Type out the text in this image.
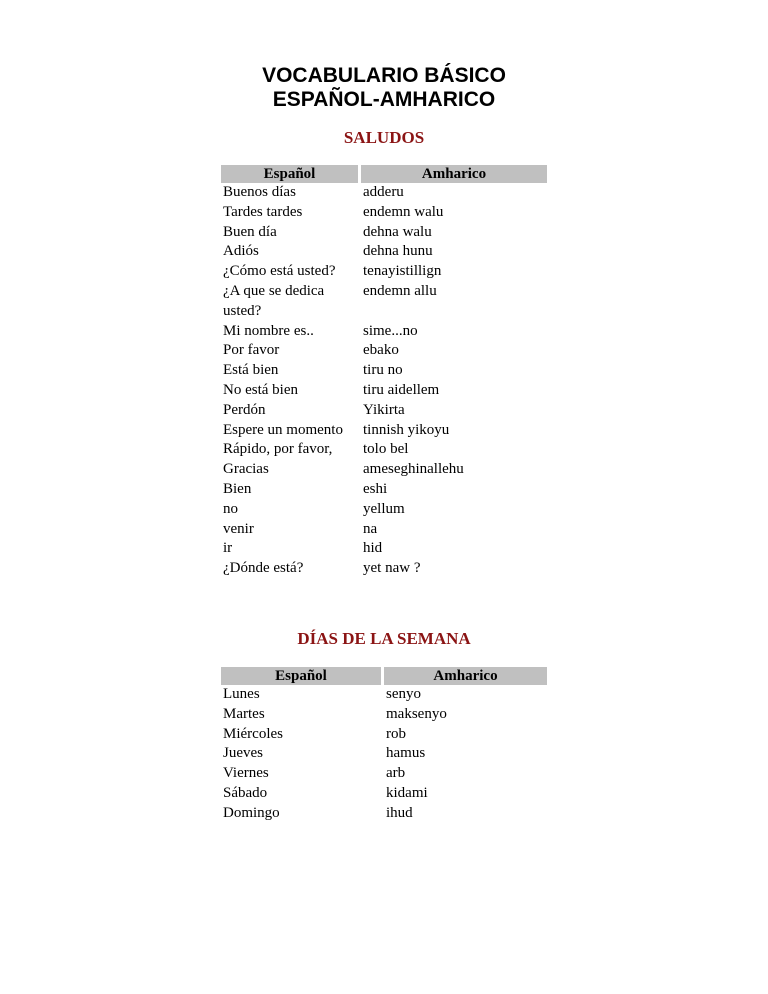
VOCABULARIO BÁSICO
ESPAÑOL-AMHARICO
SALUDOS
Español	Amharico
Buenos días	adderu
Tardes tardes	endemn walu
Buen día	dehna walu
Adiós	dehna hunu
¿Cómo está usted?	tenayistillign
¿A que se dedica usted?	endemn allu
Mi nombre es..	sime...no
Por favor	ebako
Está bien	tiru no
No está bien	tiru aidellem
Perdón	Yikirta
Espere un momento	tinnish yikoyu
Rápido, por favor,	tolo bel
Gracias	ameseghinallehu
Bien	eshi
no	yellum
venir	na
ir	hid
¿Dónde está?	yet naw ?
DÍAS DE LA SEMANA
Español	Amharico
Lunes	senyo
Martes	maksenyo
Miércoles	rob
Jueves	hamus
Viernes	arb
Sábado	kidami
Domingo	ihud
